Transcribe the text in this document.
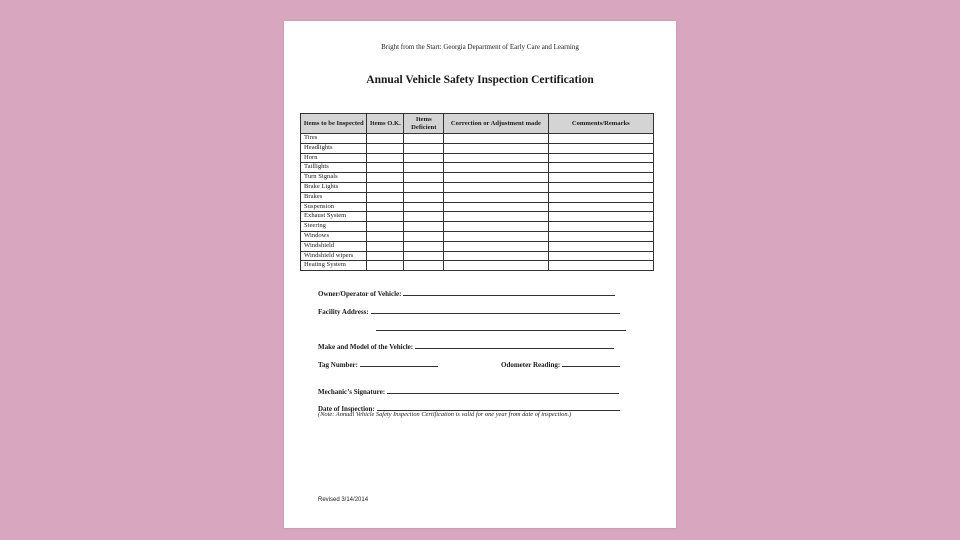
Bright from the Start: Georgia Department of Early Care and Learning
Annual Vehicle Safety Inspection Certification
Items to be Inspected	Items O.K.	Items Deficient	Correction or Adjustment made	Comments/Remarks
Tires				
Headlights				
Horn				
Taillights				
Turn Signals				
Brake Lights				
Brakes				
Suspension				
Exhaust System				
Steering				
Windows				
Windshield				
Windshield wipers				
Heating System				
Owner/Operator of Vehicle:
Facility Address:
Make and Model of the Vehicle:
Tag Number:	Odometer Reading:
Mechanic’s Signature:
Date of Inspection:
(Note: Annual Vehicle Safety Inspection Certification is valid for one year from date of inspection.)
Revised 3/14/2014
